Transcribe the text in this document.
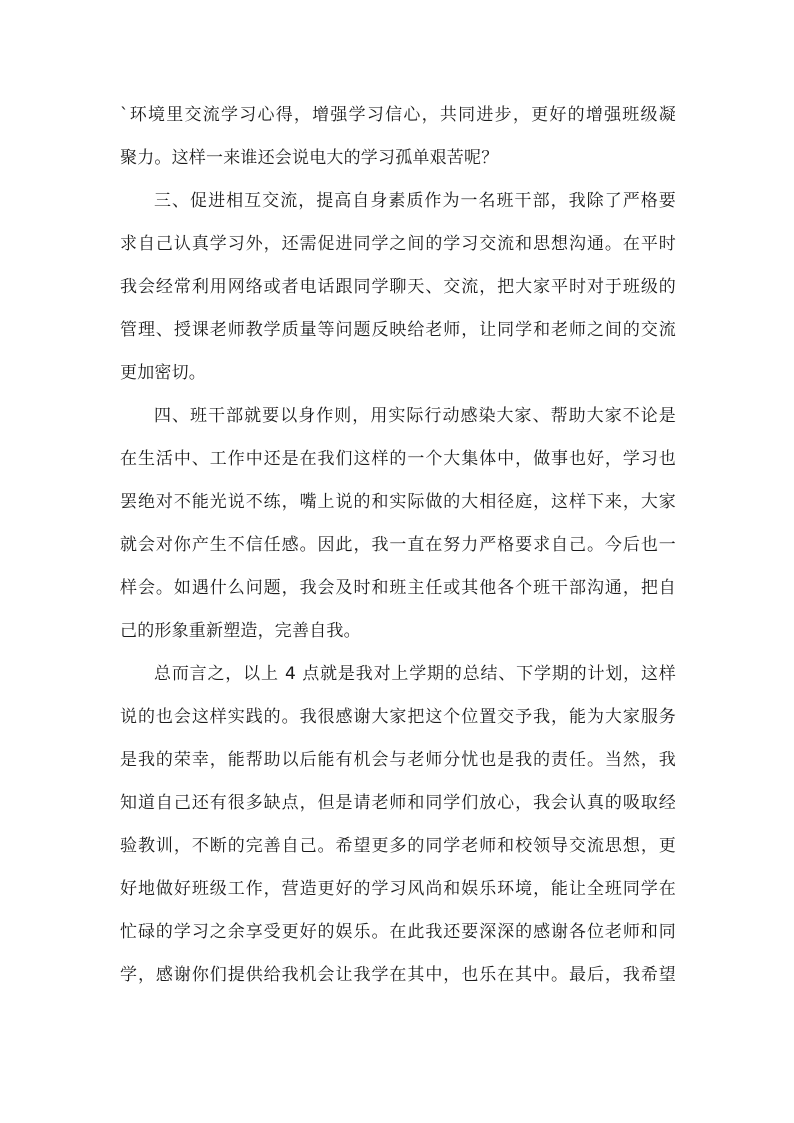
`环境里交流学习心得，增强学习信心，共同进步，更好的增强班级凝
聚力。这样一来谁还会说电大的学习孤单艰苦呢？
三、促进相互交流，提高自身素质作为一名班干部，我除了严格要
求自己认真学习外，还需促进同学之间的学习交流和思想沟通。在平时
我会经常利用网络或者电话跟同学聊天、交流，把大家平时对于班级的
管理、授课老师教学质量等问题反映给老师，让同学和老师之间的交流
更加密切。
四、班干部就要以身作则，用实际行动感染大家、帮助大家不论是
在生活中、工作中还是在我们这样的一个大集体中，做事也好，学习也
罢绝对不能光说不练，嘴上说的和实际做的大相径庭，这样下来，大家
就会对你产生不信任感。因此，我一直在努力严格要求自己。今后也一
样会。如遇什么问题，我会及时和班主任或其他各个班干部沟通，把自
己的形象重新塑造，完善自我。
总而言之，以上 4 点就是我对上学期的总结、下学期的计划，这样
说的也会这样实践的。我很感谢大家把这个位置交予我，能为大家服务
是我的荣幸，能帮助以后能有机会与老师分忧也是我的责任。当然，我
知道自己还有很多缺点，但是请老师和同学们放心，我会认真的吸取经
验教训，不断的完善自己。希望更多的同学老师和校领导交流思想，更
好地做好班级工作，营造更好的学习风尚和娱乐环境，能让全班同学在
忙碌的学习之余享受更好的娱乐。在此我还要深深的感谢各位老师和同
学，感谢你们提供给我机会让我学在其中，也乐在其中。最后，我希望
